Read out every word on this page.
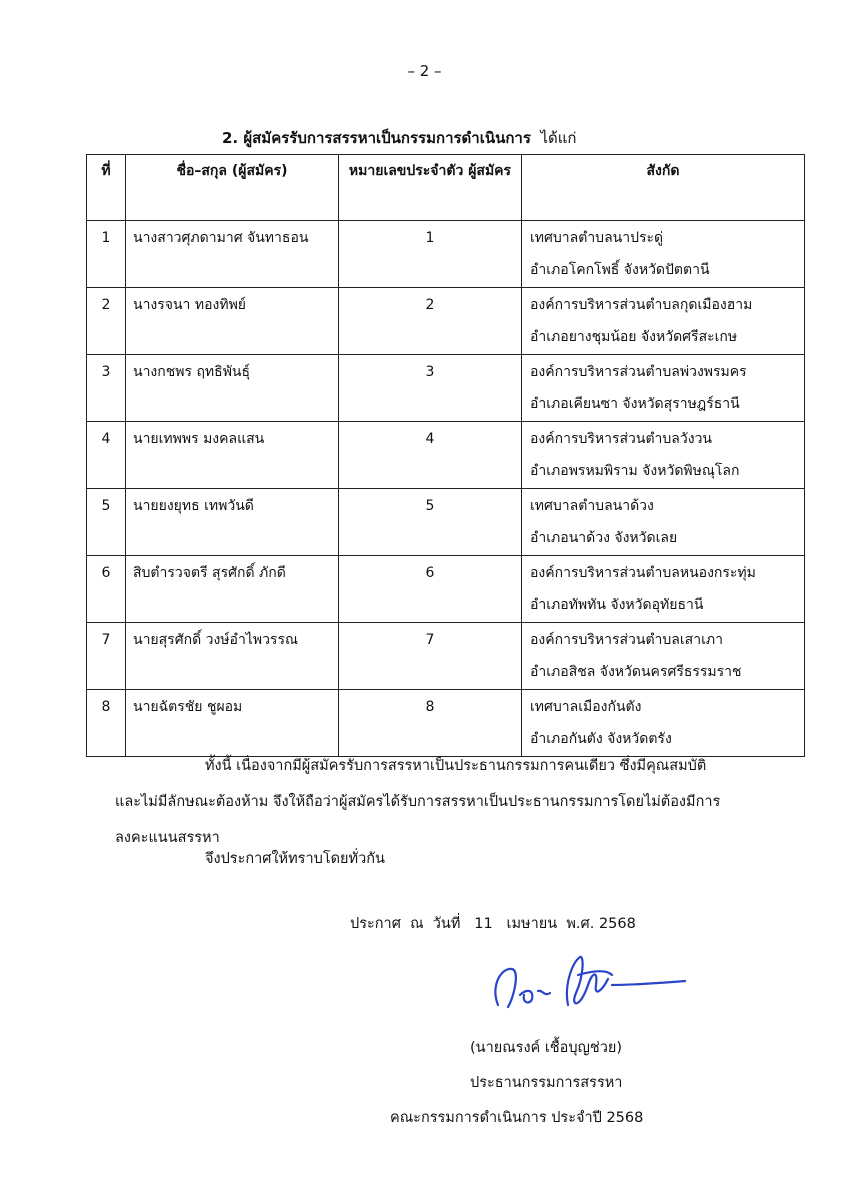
– 2 –
2. ผู้สมัครรับการสรรหาเป็นกรรมการดำเนินการ ได้แก่
ที่	ชื่อ–สกุล (ผู้สมัคร)	หมายเลขประจำตัว ผู้สมัคร	สังกัด
1	นางสาวศุภดามาศ จันทาธอน	1	เทศบาลตำบลนาประดู่
อำเภอโคกโพธิ์ จังหวัดปัตตานี

2	นางรจนา ทองทิพย์	2	องค์การบริหารส่วนตำบลกุดเมืองฮาม
อำเภอยางชุมน้อย จังหวัดศรีสะเกษ

3	นางกชพร ฤทธิพันธุ์	3	องค์การบริหารส่วนตำบลพ่วงพรมคร
อำเภอเคียนซา จังหวัดสุราษฎร์ธานี

4	นายเทพพร มงคลแสน	4	องค์การบริหารส่วนตำบลวังวน
อำเภอพรหมพิราม จังหวัดพิษณุโลก

5	นายยงยุทธ เทพวันดี	5	เทศบาลตำบลนาด้วง
อำเภอนาด้วง จังหวัดเลย

6	สิบตำรวจตรี สุรศักดิ์ ภักดี	6	องค์การบริหารส่วนตำบลหนองกระทุ่ม
อำเภอทัพทัน จังหวัดอุทัยธานี

7	นายสุรศักดิ์ วงษ์อำไพวรรณ	7	องค์การบริหารส่วนตำบลเสาเภา
อำเภอสิชล จังหวัดนครศรีธรรมราช

8	นายฉัตรชัย ชูผอม	8	เทศบาลเมืองกันตัง
อำเภอกันตัง จังหวัดตรัง
ทั้งนี้ เนื่องจากมีผู้สมัครรับการสรรหาเป็นประธานกรรมการคนเดียว ซึ่งมีคุณสมบัติ
และไม่มีลักษณะต้องห้าม จึงให้ถือว่าผู้สมัครได้รับการสรรหาเป็นประธานกรรมการโดยไม่ต้องมีการ
ลงคะแนนสรรหา
จึงประกาศให้ทราบโดยทั่วกัน
ประกาศ  ณ  วันที่   11   เมษายน  พ.ศ. 2568
(นายณรงค์ เชื้อบุญช่วย)
ประธานกรรมการสรรหา
คณะกรรมการดำเนินการ ประจำปี 2568
